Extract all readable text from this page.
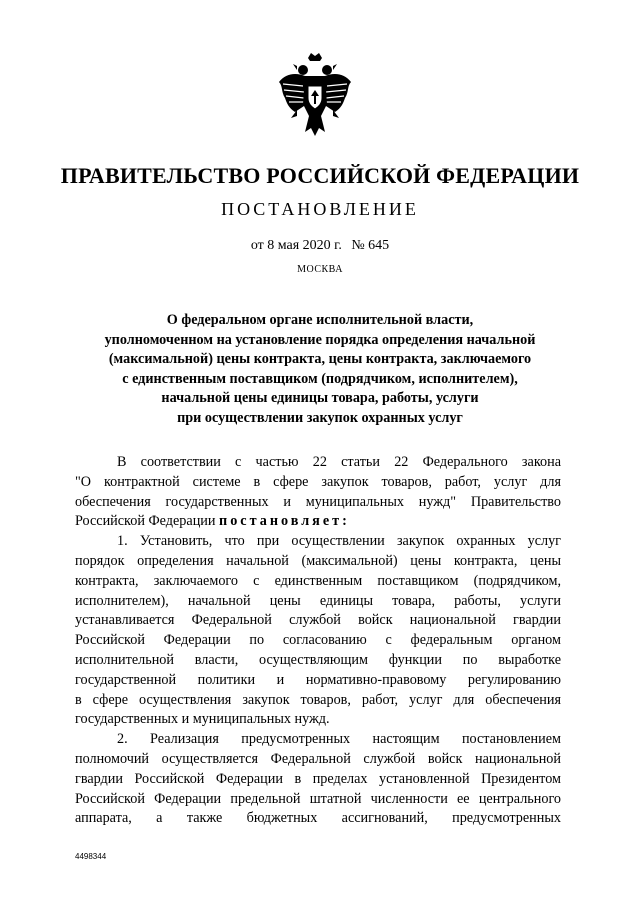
ПРАВИТЕЛЬСТВО РОССИЙСКОЙ ФЕДЕРАЦИИ
ПОСТАНОВЛЕНИЕ
от 8 мая 2020 г. № 645
МОСКВА
О федеральном органе исполнительной власти,
уполномоченном на установление порядка определения начальной
(максимальной) цены контракта, цены контракта, заключаемого
с единственным поставщиком (подрядчиком, исполнителем),
начальной цены единицы товара, работы, услуги
при осуществлении закупок охранных услуг
В соответствии с частью 22 статьи 22 Федерального закона
"О контрактной системе в сфере закупок товаров, работ, услуг для
обеспечения государственных и муниципальных нужд" Правительство
Российской Федерации постановляет:
1. Установить, что при осуществлении закупок охранных услуг
порядок определения начальной (максимальной) цены контракта, цены
контракта, заключаемого с единственным поставщиком (подрядчиком,
исполнителем), начальной цены единицы товара, работы, услуги
устанавливается Федеральной службой войск национальной гвардии
Российской Федерации по согласованию с федеральным органом
исполнительной власти, осуществляющим функции по выработке
государственной политики и нормативно-правовому регулированию
в сфере осуществления закупок товаров, работ, услуг для обеспечения
государственных и муниципальных нужд.
2. Реализация предусмотренных настоящим постановлением
полномочий осуществляется Федеральной службой войск национальной
гвардии Российской Федерации в пределах установленной Президентом
Российской Федерации предельной штатной численности ее центрального
аппарата, а также бюджетных ассигнований, предусмотренных
4498344
